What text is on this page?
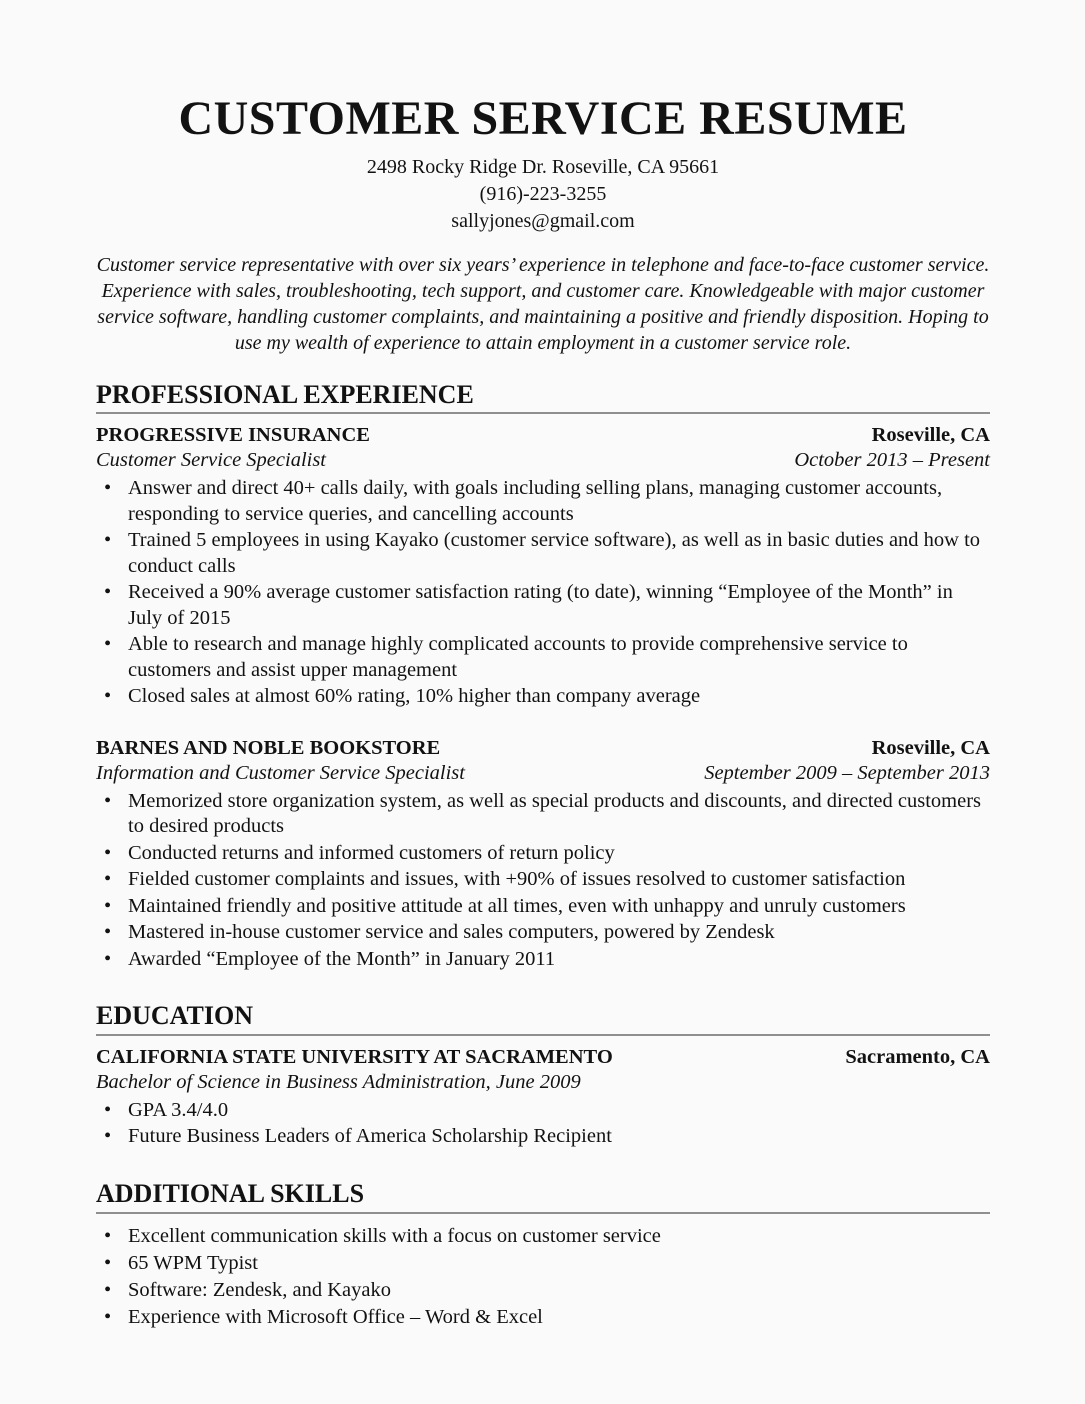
CUSTOMER SERVICE RESUME
2498 Rocky Ridge Dr. Roseville, CA 95661
(916)-223-3255
sallyjones@gmail.com

Customer service representative with over six years’ experience in telephone and face-to-face customer service. Experience with sales, troubleshooting, tech support, and customer care. Knowledgeable with major customer service software, handling customer complaints, and maintaining a positive and friendly disposition. Hoping to use my wealth of experience to attain employment in a customer service role.

PROFESSIONAL EXPERIENCE
PROGRESSIVE INSURANCE	Roseville, CA
Customer Service Specialist	October 2013 – Present
• Answer and direct 40+ calls daily, with goals including selling plans, managing customer accounts, responding to service queries, and cancelling accounts
• Trained 5 employees in using Kayako (customer service software), as well as in basic duties and how to conduct calls
• Received a 90% average customer satisfaction rating (to date), winning “Employee of the Month” in July of 2015
• Able to research and manage highly complicated accounts to provide comprehensive service to customers and assist upper management
• Closed sales at almost 60% rating, 10% higher than company average
BARNES AND NOBLE BOOKSTORE	Roseville, CA
Information and Customer Service Specialist	September 2009 – September 2013
• Memorized store organization system, as well as special products and discounts, and directed customers to desired products
• Conducted returns and informed customers of return policy
• Fielded customer complaints and issues, with +90% of issues resolved to customer satisfaction
• Maintained friendly and positive attitude at all times, even with unhappy and unruly customers
• Mastered in-house customer service and sales computers, powered by Zendesk
• Awarded “Employee of the Month” in January 2011
EDUCATION
CALIFORNIA STATE UNIVERSITY AT SACRAMENTO	Sacramento, CA
Bachelor of Science in Business Administration, June 2009
• GPA 3.4/4.0
• Future Business Leaders of America Scholarship Recipient
ADDITIONAL SKILLS
• Excellent communication skills with a focus on customer service
• 65 WPM Typist
• Software: Zendesk, and Kayako
• Experience with Microsoft Office – Word & Excel
